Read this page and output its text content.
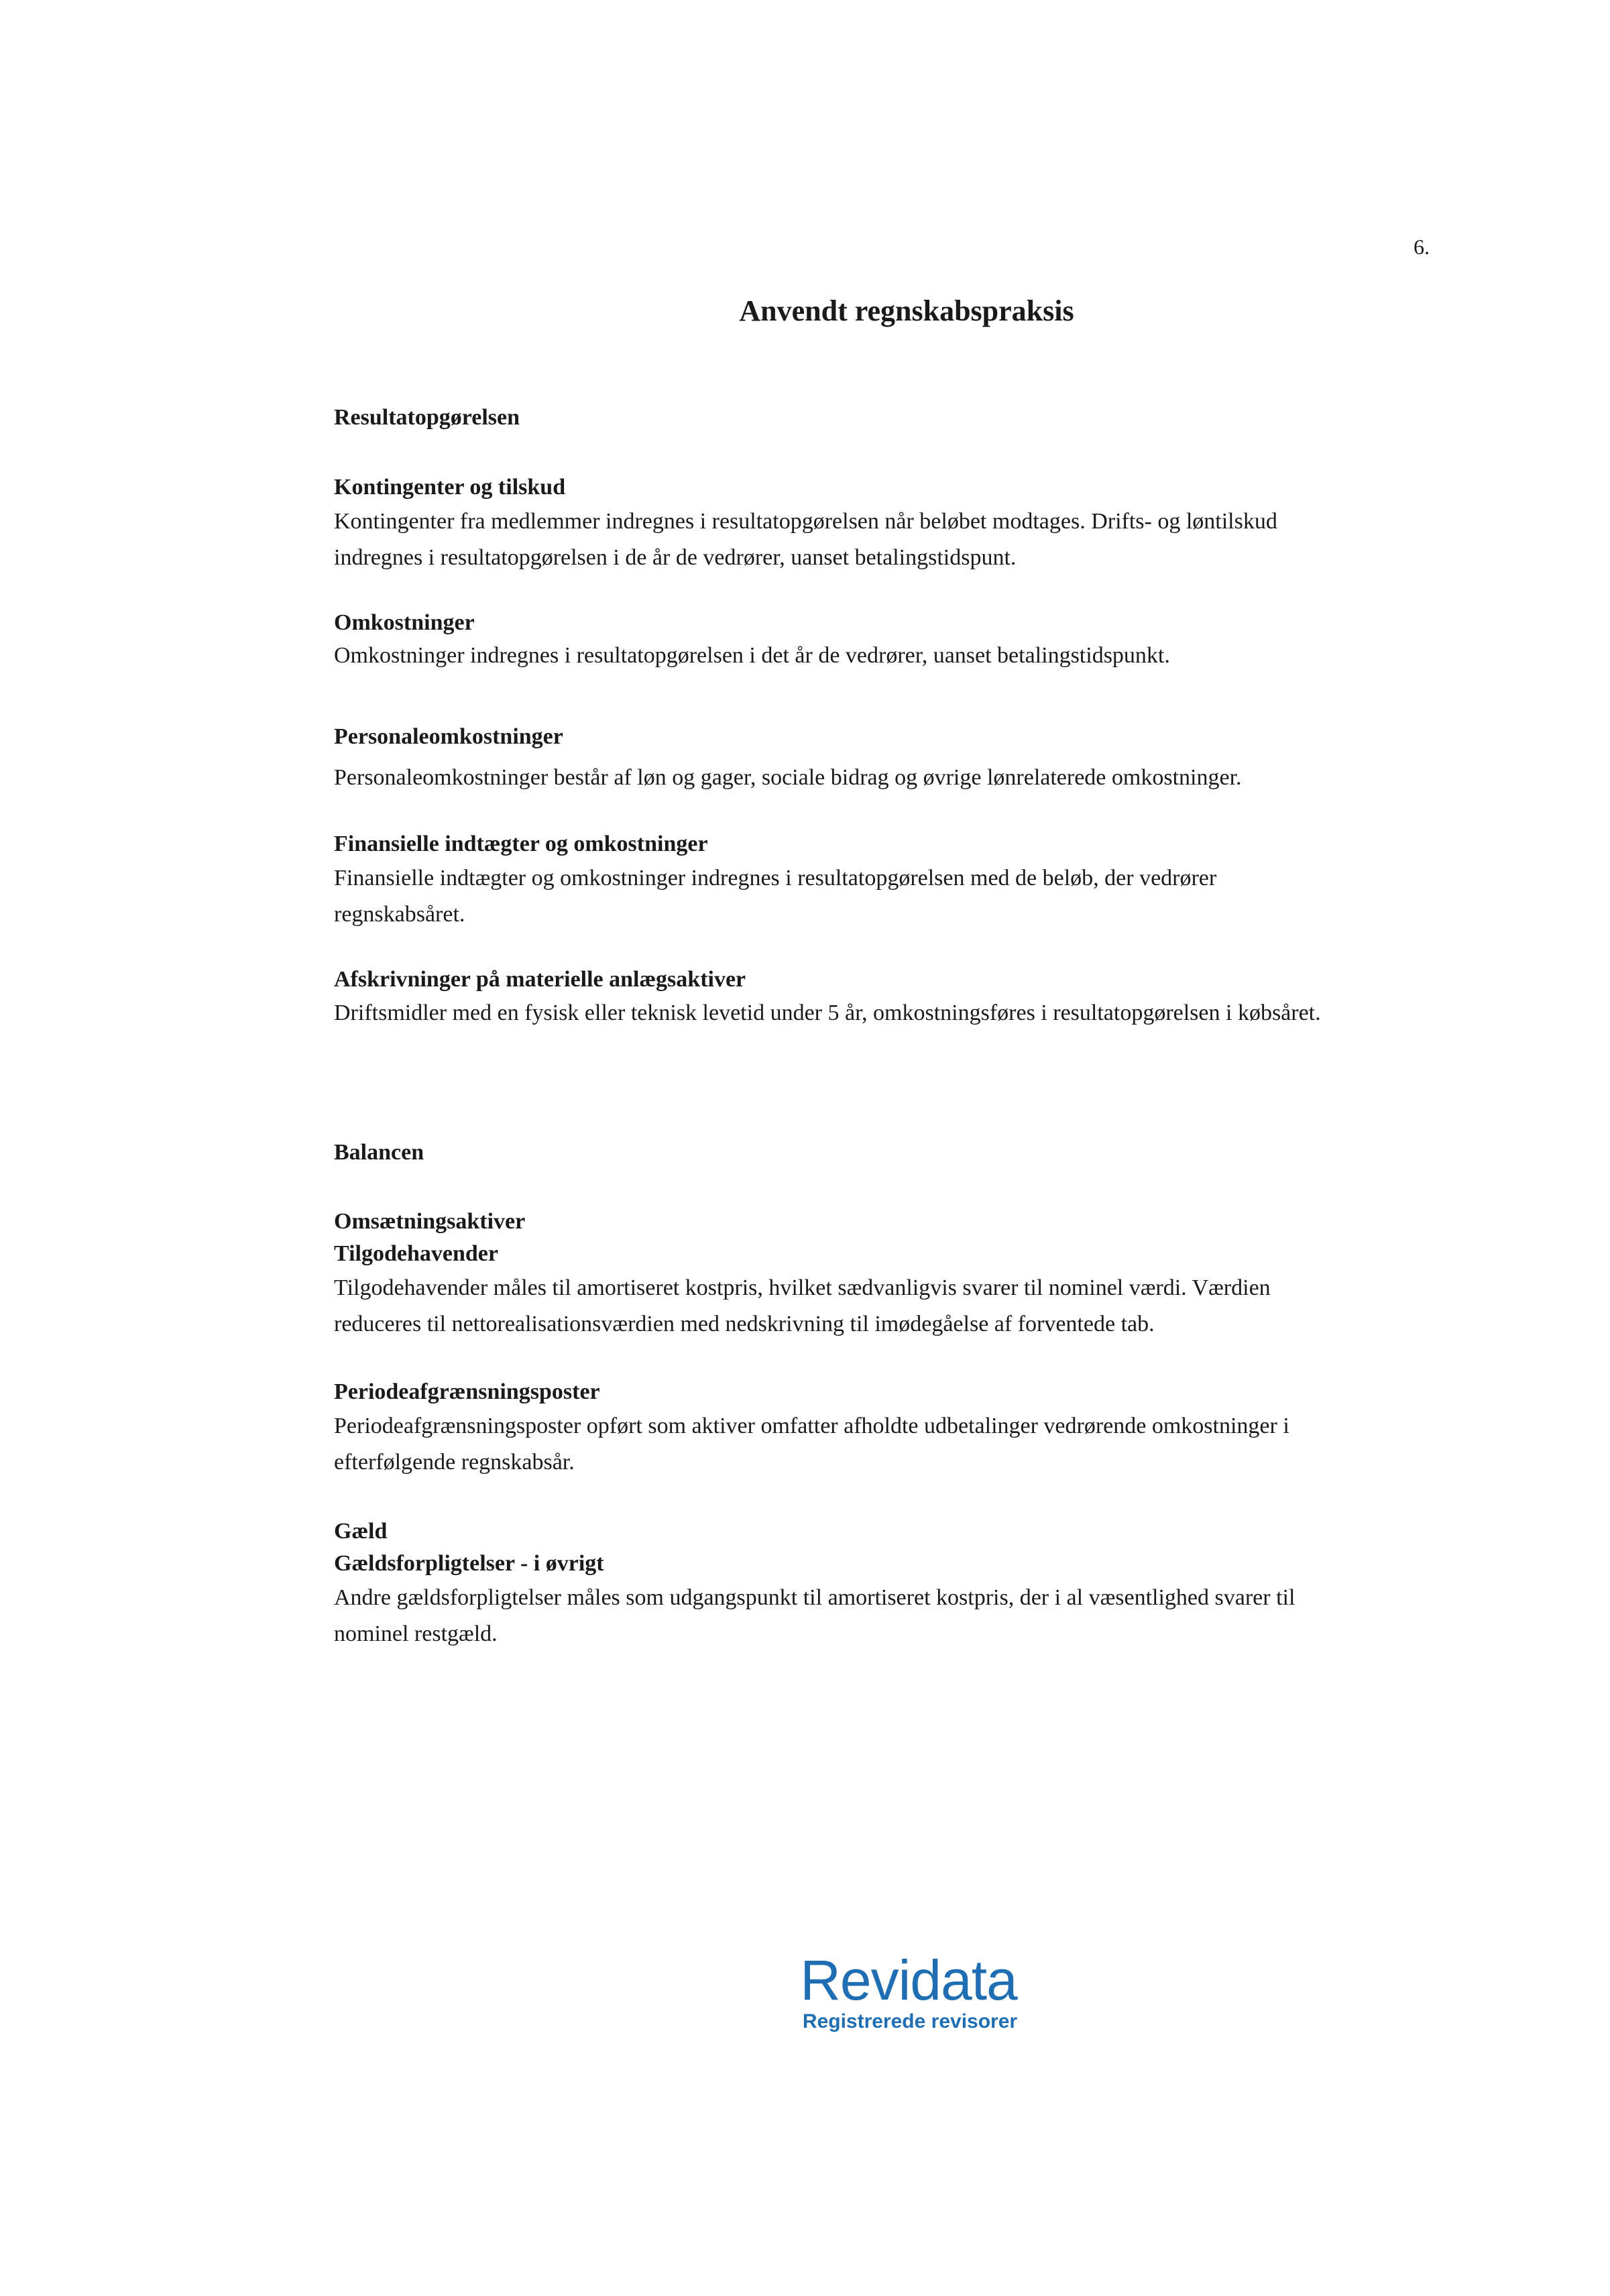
6.
Anvendt regnskabspraksis
Resultatopgørelsen
Kontingenter og tilskud
Kontingenter fra medlemmer indregnes i resultatopgørelsen når beløbet modtages. Drifts- og løntilskud
indregnes i resultatopgørelsen i de år de vedrører, uanset betalingstidspunt.
Omkostninger
Omkostninger indregnes i resultatopgørelsen i det år de vedrører, uanset betalingstidspunkt.
Personaleomkostninger
Personaleomkostninger består af løn og gager, sociale bidrag og øvrige lønrelaterede omkostninger.
Finansielle indtægter og omkostninger
Finansielle indtægter og omkostninger indregnes i resultatopgørelsen med de beløb, der vedrører
regnskabsåret.
Afskrivninger på materielle anlægsaktiver
Driftsmidler med en fysisk eller teknisk levetid under 5 år, omkostningsføres i resultatopgørelsen i købsåret.
Balancen
Omsætningsaktiver
Tilgodehavender
Tilgodehavender måles til amortiseret kostpris, hvilket sædvanligvis svarer til nominel værdi. Værdien
reduceres til nettorealisationsværdien med nedskrivning til imødegåelse af forventede tab.
Periodeafgrænsningsposter
Periodeafgrænsningsposter opført som aktiver omfatter afholdte udbetalinger vedrørende omkostninger i
efterfølgende regnskabsår.
Gæld
Gældsforpligtelser - i øvrigt
Andre gældsforpligtelser måles som udgangspunkt til amortiseret kostpris, der i al væsentlighed svarer til
nominel restgæld.
Revidata
Registrerede revisorer
